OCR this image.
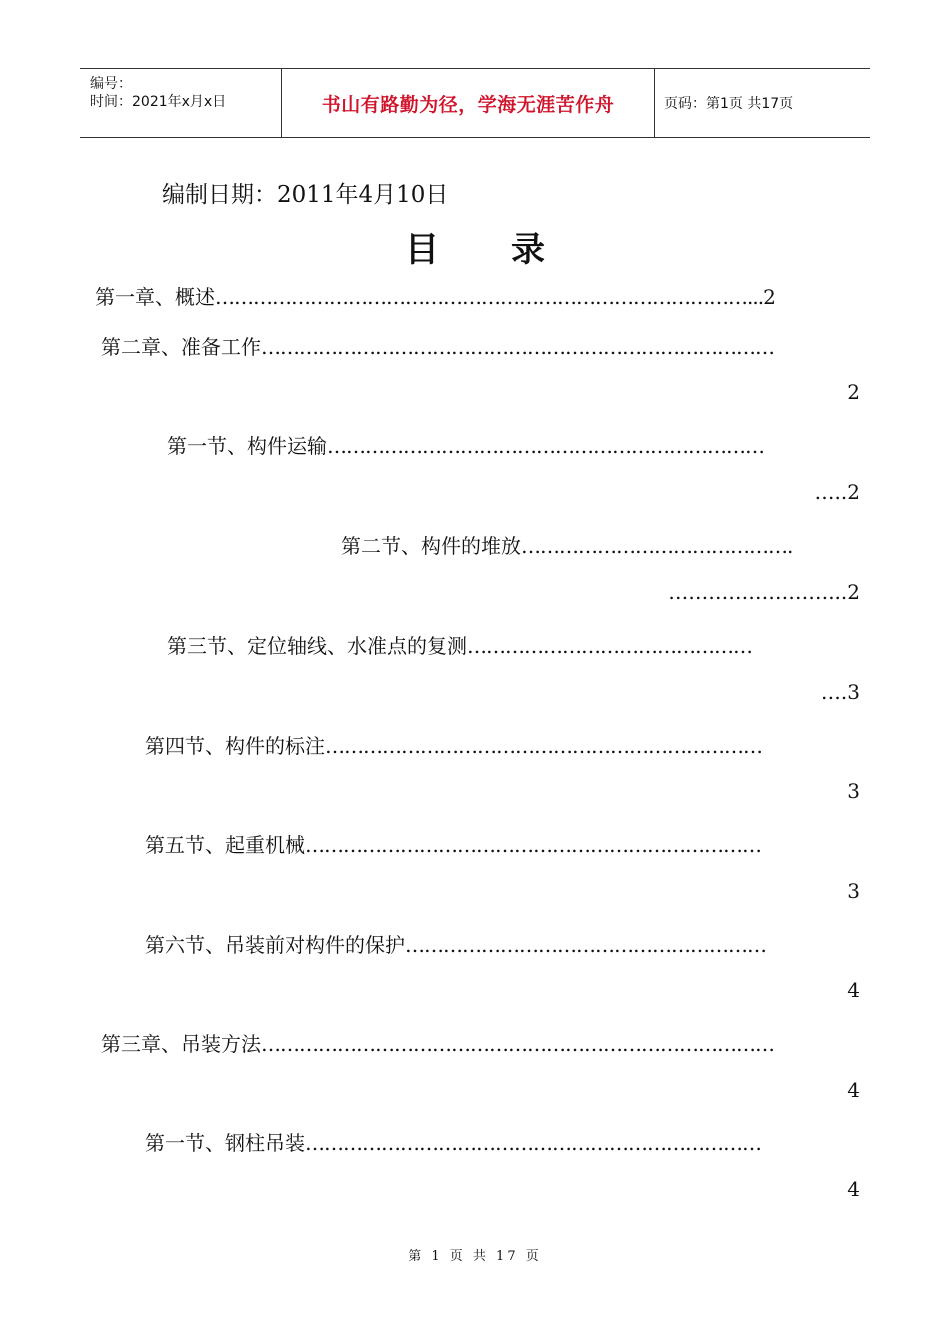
编号：
时间：2021年x月x日	书山有路勤为径，学海无涯苦作舟	页码：第1页 共17页
编制日期：2011年4月10日
目录
第一章、概述…………………………………………………………………………...2
第二章、准备工作………………………………………………………………………
2
第一节、构件运输……………………………………………………………
…..2
第二节、构件的堆放…………………………………….
……………………...2
第三节、定位轴线、水准点的复测………………………………………
….3
第四节、构件的标注……………………………………………………………
3
第五节、起重机械………………………………………………………………
3
第六节、吊装前对构件的保护…………………………………………………
4
第三章、吊装方法………………………………………………………………………
4
第一节、钢柱吊装………………………………………………………………
4
第 1 页 共 17 页
